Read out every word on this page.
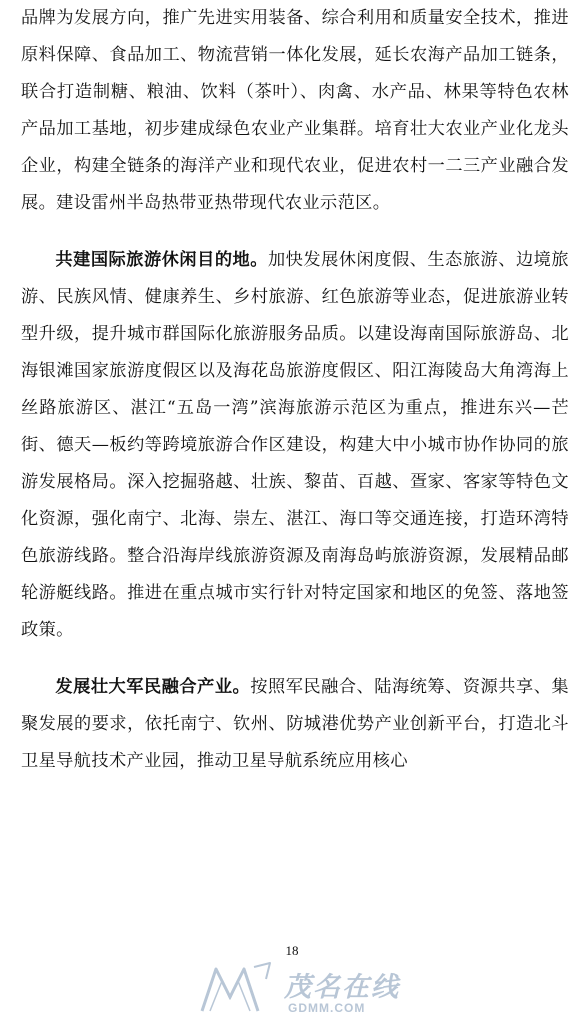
品牌为发展方向，推广先进实用装备、综合利用和质量安全技术，推进原料保障、食品加工、物流营销一体化发展，延长农海产品加工链条，联合打造制糖、粮油、饮料（茶叶）、肉禽、水产品、林果等特色农林产品加工基地，初步建成绿色农业产业集群。培育壮大农业产业化龙头企业，构建全链条的海洋产业和现代农业，促进农村一二三产业融合发展。建设雷州半岛热带亚热带现代农业示范区。

共建国际旅游休闲目的地。加快发展休闲度假、生态旅游、边境旅游、民族风情、健康养生、乡村旅游、红色旅游等业态，促进旅游业转型升级，提升城市群国际化旅游服务品质。以建设海南国际旅游岛、北海银滩国家旅游度假区以及海花岛旅游度假区、阳江海陵岛大角湾海上丝路旅游区、湛江“五岛一湾”滨海旅游示范区为重点，推进东兴—芒街、德天—板约等跨境旅游合作区建设，构建大中小城市协作协同的旅游发展格局。深入挖掘骆越、壮族、黎苗、百越、疍家、客家等特色文化资源，强化南宁、北海、崇左、湛江、海口等交通连接，打造环湾特色旅游线路。整合沿海岸线旅游资源及南海岛屿旅游资源，发展精品邮轮游艇线路。推进在重点城市实行针对特定国家和地区的免签、落地签政策。

发展壮大军民融合产业。按照军民融合、陆海统筹、资源共享、集聚发展的要求，依托南宁、钦州、防城港优势产业创新平台，打造北斗卫星导航技术产业园，推动卫星导航系统应用核心

18
茂名在线
GDMM.COM
